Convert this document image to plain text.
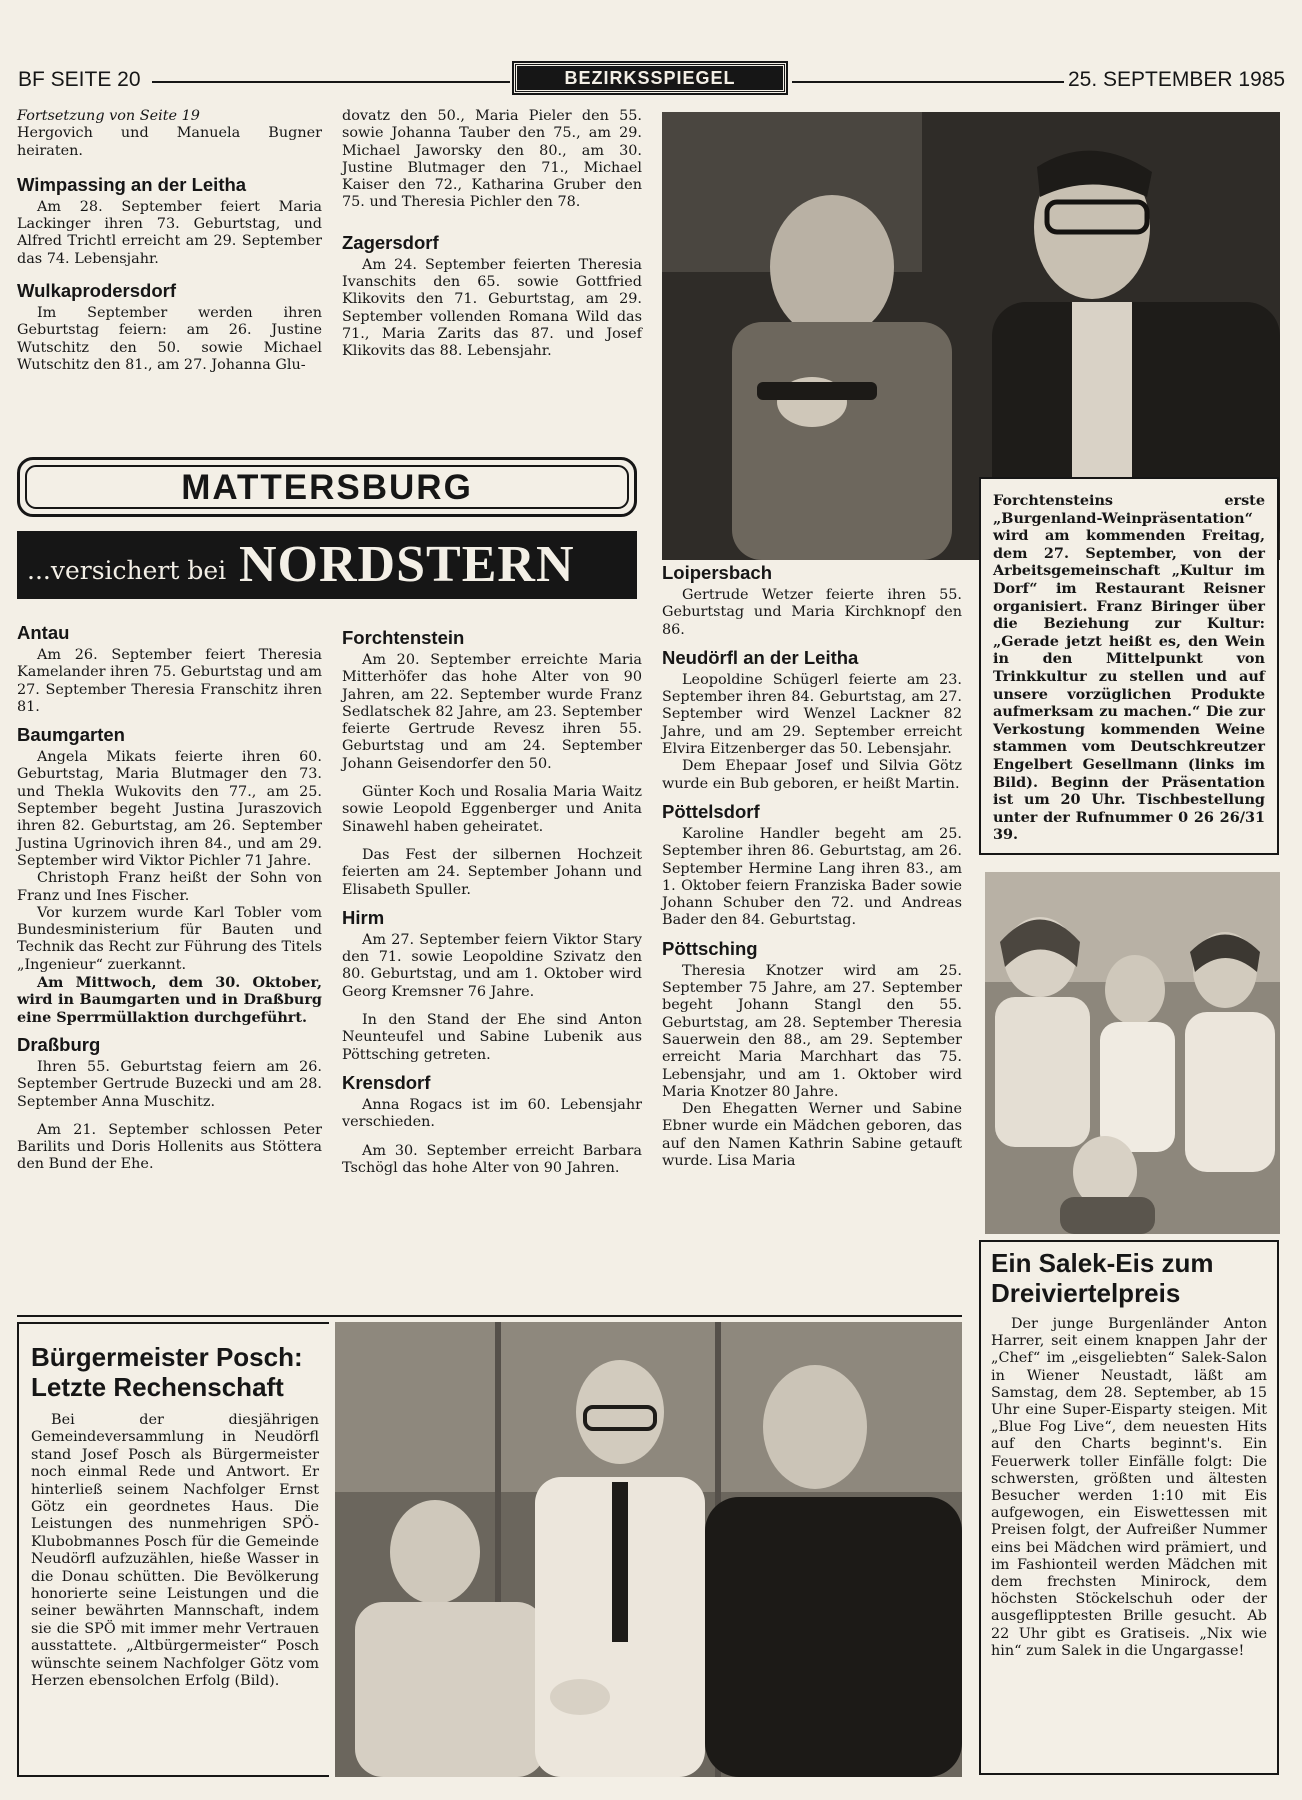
BF SEITE 20	BEZIRKSSPIEGEL	25. SEPTEMBER 1985

Fortsetzung von Seite 19

Hergovich und Manuela Bugner heiraten.

Wimpassing an der Leitha

Am 28. September feiert Maria Lackinger ihren 73. Geburtstag, und Alfred Trichtl erreicht am 29. September das 74. Lebensjahr.

Wulkaprodersdorf

Im September werden ihren Geburtstag feiern: am 26. Justine Wutschitz den 50. sowie Michael Wutschitz den 81., am 27. Johanna Glu-

dovatz den 50., Maria Pieler den 55. sowie Johanna Tauber den 75., am 29. Michael Jaworsky den 80., am 30. Justine Blutmager den 71., Michael Kaiser den 72., Katharina Gruber den 75. und Theresia Pichler den 78.

Zagersdorf

Am 24. September feierten Theresia Ivanschits den 65. sowie Gottfried Klikovits den 71. Geburtstag, am 29. September vollenden Romana Wild das 71., Maria Zarits das 87. und Josef Klikovits das 88. Lebensjahr.

MATTERSBURG
...versichert bei NORDSTERN

Forchtensteins erste „Burgenland-Weinpräsentation“ wird am kommenden Freitag, dem 27. September, von der Arbeitsgemeinschaft „Kultur im Dorf“ im Restaurant Reisner organisiert. Franz Biringer über die Beziehung zur Kultur: „Gerade jetzt heißt es, den Wein in den Mittelpunkt von Trinkkultur zu stellen und auf unsere vorzüglichen Produkte aufmerksam zu machen.“ Die zur Verkostung kommenden Weine stammen vom Deutschkreutzer Engelbert Gesellmann (links im Bild). Beginn der Präsentation ist um 20 Uhr. Tischbestellung unter der Rufnummer 0 26 26/31 39.

Antau

Am 26. September feiert Theresia Kamelander ihren 75. Geburtstag und am 27. September Theresia Franschitz ihren 81.

Baumgarten

Angela Mikats feierte ihren 60. Geburtstag, Maria Blutmager den 73. und Thekla Wukovits den 77., am 25. September begeht Justina Juraszovich ihren 82. Geburtstag, am 26. September Justina Ugrinovich ihren 84., und am 29. September wird Viktor Pichler 71 Jahre.

Christoph Franz heißt der Sohn von Franz und Ines Fischer.

Vor kurzem wurde Karl Tobler vom Bundesministerium für Bauten und Technik das Recht zur Führung des Titels „Ingenieur“ zuerkannt.

Am Mittwoch, dem 30. Oktober, wird in Baumgarten und in Draßburg eine Sperrmüllaktion durchgeführt.

Draßburg

Ihren 55. Geburtstag feiern am 26. September Gertrude Buzecki und am 28. September Anna Muschitz.

Am 21. September schlossen Peter Barilits und Doris Hollenits aus Stöttera den Bund der Ehe.

Forchtenstein

Am 20. September erreichte Maria Mitterhöfer das hohe Alter von 90 Jahren, am 22. September wurde Franz Sedlatschek 82 Jahre, am 23. September feierte Gertrude Revesz ihren 55. Geburtstag und am 24. September Johann Geisendorfer den 50.

Günter Koch und Rosalia Maria Waitz sowie Leopold Eggenberger und Anita Sinawehl haben geheiratet.

Das Fest der silbernen Hochzeit feierten am 24. September Johann und Elisabeth Spuller.

Hirm

Am 27. September feiern Viktor Stary den 71. sowie Leopoldine Szivatz den 80. Geburtstag, und am 1. Oktober wird Georg Kremsner 76 Jahre.

In den Stand der Ehe sind Anton Neunteufel und Sabine Lubenik aus Pöttsching getreten.

Krensdorf

Anna Rogacs ist im 60. Lebensjahr verschieden.

Am 30. September erreicht Barbara Tschögl das hohe Alter von 90 Jahren.

Loipersbach

Gertrude Wetzer feierte ihren 55. Geburtstag und Maria Kirchknopf den 86.

Neudörfl an der Leitha

Leopoldine Schügerl feierte am 23. September ihren 84. Geburtstag, am 27. September wird Wenzel Lackner 82 Jahre, und am 29. September erreicht Elvira Eitzenberger das 50. Lebensjahr.

Dem Ehepaar Josef und Silvia Götz wurde ein Bub geboren, er heißt Martin.

Pöttelsdorf

Karoline Handler begeht am 25. September ihren 86. Geburtstag, am 26. September Hermine Lang ihren 83., am 1. Oktober feiern Franziska Bader sowie Johann Schuber den 72. und Andreas Bader den 84. Geburtstag.

Pöttsching

Theresia Knotzer wird am 25. September 75 Jahre, am 27. September begeht Johann Stangl den 55. Geburtstag, am 28. September Theresia Sauerwein den 88., am 29. September erreicht Maria Marchhart das 75. Lebensjahr, und am 1. Oktober wird Maria Knotzer 80 Jahre.

Den Ehegatten Werner und Sabine Ebner wurde ein Mädchen geboren, das auf den Namen Kathrin Sabine getauft wurde. Lisa Maria

Ein Salek-Eis zum Dreiviertelpreis

Der junge Burgenländer Anton Harrer, seit einem knappen Jahr der „Chef“ im „eisgeliebten“ Salek-Salon in Wiener Neustadt, läßt am Samstag, dem 28. September, ab 15 Uhr eine Super-Eisparty steigen. Mit „Blue Fog Live“, dem neuesten Hits auf den Charts beginnt's. Ein Feuerwerk toller Einfälle folgt: Die schwersten, größten und ältesten Besucher werden 1:10 mit Eis aufgewogen, ein Eiswettessen mit Preisen folgt, der Aufreißer Nummer eins bei Mädchen wird prämiert, und im Fashionteil werden Mädchen mit dem frechsten Minirock, dem höchsten Stöckelschuh oder der ausgeflipptesten Brille gesucht. Ab 22 Uhr gibt es Gratiseis. „Nix wie hin“ zum Salek in die Ungargasse!

Bürgermeister Posch: Letzte Rechenschaft

Bei der diesjährigen Gemeindeversammlung in Neudörfl stand Josef Posch als Bürgermeister noch einmal Rede und Antwort. Er hinterließ seinem Nachfolger Ernst Götz ein geordnetes Haus. Die Leistungen des nunmehrigen SPÖ-Klubobmannes Posch für die Gemeinde Neudörfl aufzuzählen, hieße Wasser in die Donau schütten. Die Bevölkerung honorierte seine Leistungen und die seiner bewährten Mannschaft, indem sie die SPÖ mit immer mehr Vertrauen ausstattete. „Altbürgermeister“ Posch wünschte seinem Nachfolger Götz vom Herzen ebensolchen Erfolg (Bild).
